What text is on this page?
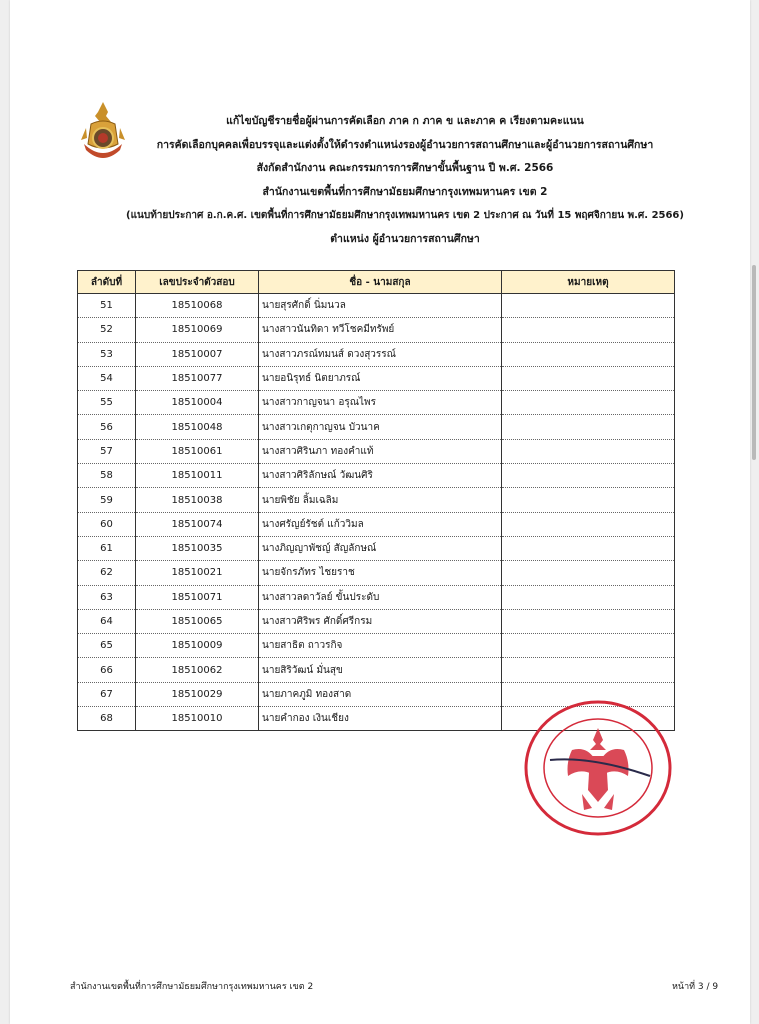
แก้ไขบัญชีรายชื่อผู้ผ่านการคัดเลือก ภาค ก ภาค ข และภาค ค เรียงตามคะแนน
การคัดเลือกบุคคลเพื่อบรรจุและแต่งตั้งให้ดำรงตำแหน่งรองผู้อำนวยการสถานศึกษาและผู้อำนวยการสถานศึกษา
สังกัดสำนักงาน คณะกรรมการการศึกษาขั้นพื้นฐาน ปี พ.ศ. 2566
สำนักงานเขตพื้นที่การศึกษามัธยมศึกษากรุงเทพมหานคร เขต 2
(แนบท้ายประกาศ อ.ก.ค.ศ. เขตพื้นที่การศึกษามัธยมศึกษากรุงเทพมหานคร เขต 2 ประกาศ ณ วันที่ 15 พฤศจิกายน พ.ศ. 2566)
ตำแหน่ง ผู้อำนวยการสถานศึกษา
ลำดับที่	เลขประจำตัวสอบ	ชื่อ - นามสกุล	หมายเหตุ
51	18510068	นายสุรศักดิ์ นิ่มนวล	
52	18510069	นางสาวนันทิดา ทวีโชคมีทรัพย์	
53	18510007	นางสาวภรณ์ทมนส์ ดวงสุวรรณ์	
54	18510077	นายอนิรุทธ์ นิตยาภรณ์	
55	18510004	นางสาวกาญจนา อรุณไพร	
56	18510048	นางสาวเกตุกาญจน บัวนาค	
57	18510061	นางสาวศิรินภา ทองคำแท้	
58	18510011	นางสาวศิริลักษณ์ วัฒนศิริ	
59	18510038	นายพิชัย ลิ้มเฉลิม	
60	18510074	นางศรัญย์รัชต์ แก้ววิมล	
61	18510035	นางภิญญาพัชญ์ สัญลักษณ์	
62	18510021	นายจักรภัทร ไชยราช	
63	18510071	นางสาวลดาวัลย์ ขั้นประดับ	
64	18510065	นางสาวศิริพร ศักดิ์ศรีกรม	
65	18510009	นายสาธิต ถาวรกิจ	
66	18510062	นายสิริวัฒน์ มั่นสุข	
67	18510029	นายภาคภูมิ ทองสาด	
68	18510010	นายคำกอง เงินเชียง	
สำนักงานเขตพื้นที่การศึกษามัธยมศึกษากรุงเทพมหานคร เขต 2	หน้าที่ 3 / 9
